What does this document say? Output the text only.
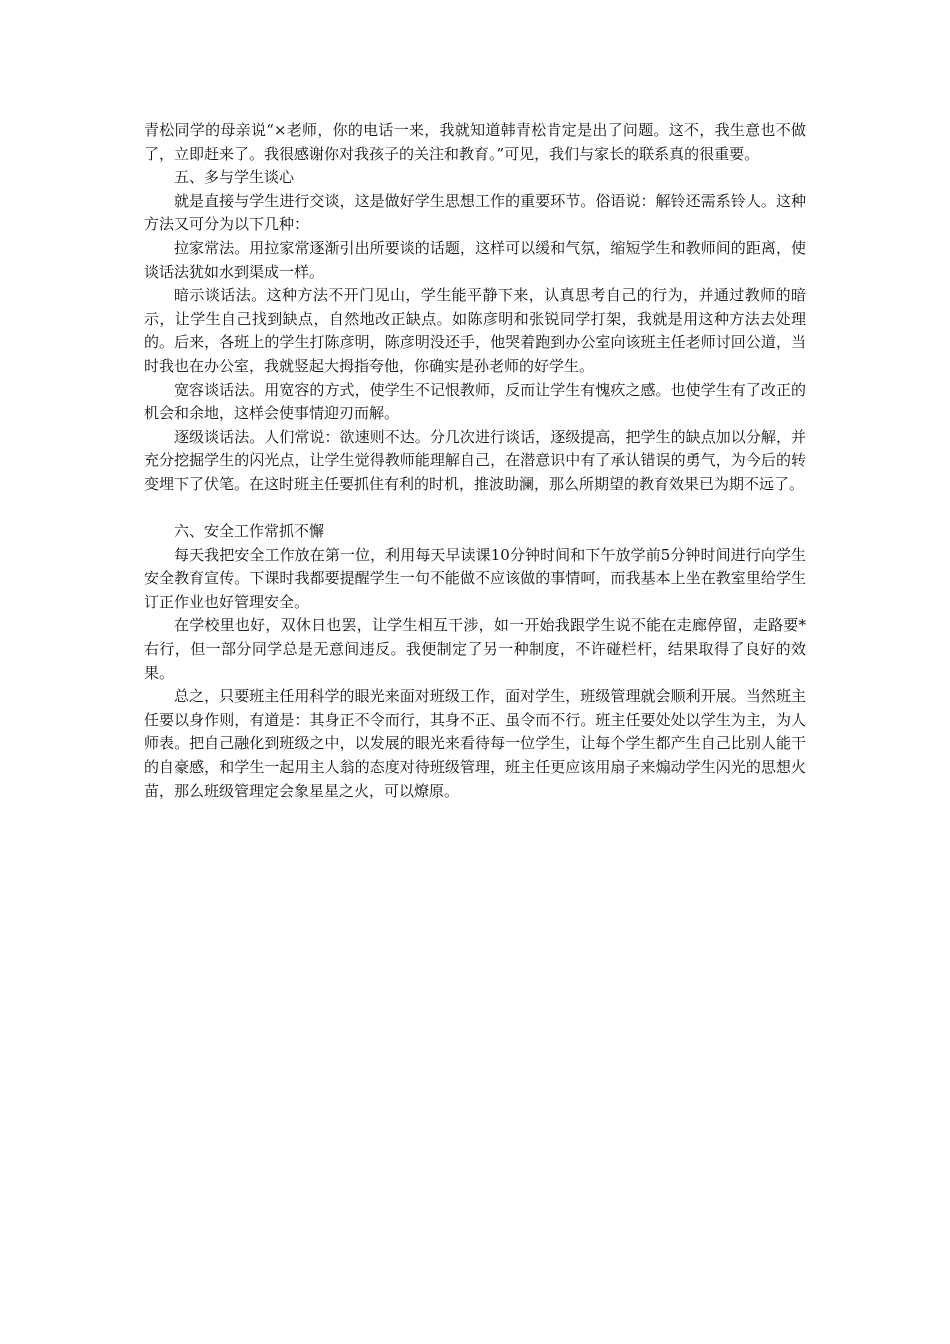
青松同学的母亲说“×老师，你的电话一来，我就知道韩青松肯定是出了问题。这不，我生意也不做了，立即赶来了。我很感谢你对我孩子的关注和教育。”可见，我们与家长的联系真的很重要。

五、多与学生谈心

就是直接与学生进行交谈，这是做好学生思想工作的重要环节。俗语说：解铃还需系铃人。这种方法又可分为以下几种：

拉家常法。用拉家常逐渐引出所要谈的话题，这样可以缓和气氛，缩短学生和教师间的距离，使谈话法犹如水到渠成一样。

暗示谈话法。这种方法不开门见山，学生能平静下来，认真思考自己的行为，并通过教师的暗示，让学生自己找到缺点，自然地改正缺点。如陈彦明和张锐同学打架，我就是用这种方法去处理的。后来，各班上的学生打陈彦明，陈彦明没还手，他哭着跑到办公室向该班主任老师讨回公道，当时我也在办公室，我就竖起大拇指夸他，你确实是孙老师的好学生。

宽容谈话法。用宽容的方式，使学生不记恨教师，反而让学生有愧疚之感。也使学生有了改正的机会和余地，这样会使事情迎刃而解。

逐级谈话法。人们常说：欲速则不达。分几次进行谈话，逐级提高，把学生的缺点加以分解，并充分挖掘学生的闪光点，让学生觉得教师能理解自己，在潜意识中有了承认错误的勇气，为今后的转变埋下了伏笔。在这时班主任要抓住有利的时机，推波助澜，那么所期望的教育效果已为期不远了。

六、安全工作常抓不懈

每天我把安全工作放在第一位，利用每天早读课10分钟时间和下午放学前5分钟时间进行向学生安全教育宣传。下课时我都要提醒学生一句不能做不应该做的事情呵，而我基本上坐在教室里给学生订正作业也好管理安全。

在学校里也好，双休日也罢，让学生相互干涉，如一开始我跟学生说不能在走廊停留，走路要*右行，但一部分同学总是无意间违反。我便制定了另一种制度，不许碰栏杆，结果取得了良好的效果。

总之，只要班主任用科学的眼光来面对班级工作，面对学生，班级管理就会顺利开展。当然班主任要以身作则，有道是：其身正不令而行，其身不正、虽令而不行。班主任要处处以学生为主，为人师表。把自己融化到班级之中，以发展的眼光来看待每一位学生，让每个学生都产生自己比别人能干的自豪感，和学生一起用主人翁的态度对待班级管理，班主任更应该用扇子来煽动学生闪光的思想火苗，那么班级管理定会象星星之火，可以燎原。
